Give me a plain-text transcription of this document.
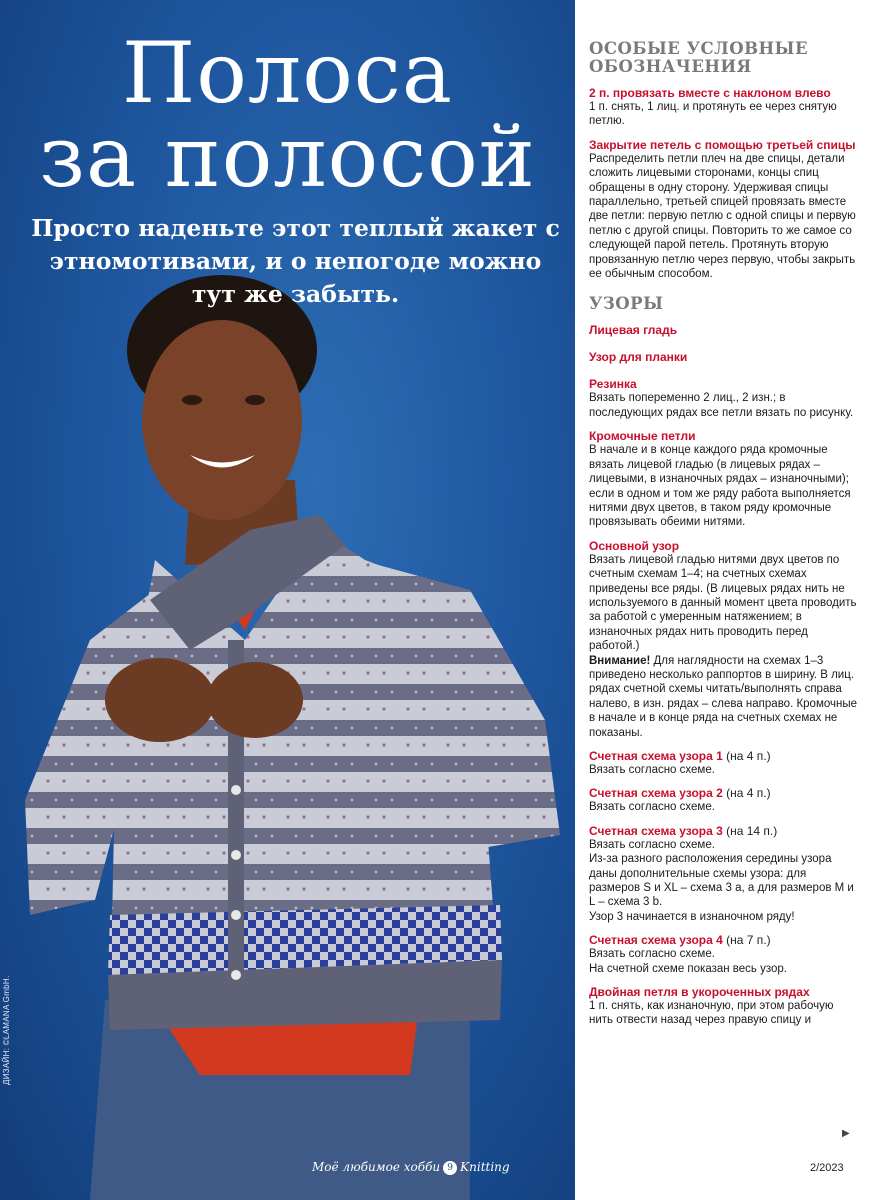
Полоса
за полосой

Просто наденьте этот теплый жакет с этномотивами, и о непогоде можно тут же забыть.

ДИЗАЙН: ©LAMANA GmbH.
Моё любимое хобби 9 Knitting
ОСОБЫЕ УСЛОВНЫЕ ОБОЗНАЧЕНИЯ
2 п. провязать вместе с наклоном влево

1 п. снять, 1 лиц. и протянуть ее через снятую петлю.

Закрытие петель с помощью третьей спицы

Распределить петли плеч на две спицы, детали сложить лицевыми сторонами, концы спиц обращены в одну сторону. Удерживая спицы параллельно, третьей спицей провязать вместе две петли: первую петлю с одной спицы и первую петлю с другой спицы. Повторить то же самое со следующей парой петель. Протянуть вторую провязанную петлю через первую, чтобы закрыть ее обычным способом.

УЗОРЫ
Лицевая гладь
Узор для планки
Резинка

Вязать попеременно 2 лиц., 2 изн.; в последующих рядах все петли вязать по рисунку.

Кромочные петли

В начале и в конце каждого ряда кромочные вязать лицевой гладью (в лицевых рядах – лицевыми, в изнаночных рядах – изнаночными); если в одном и том же ряду работа выполняется нитями двух цветов, в таком ряду кромочные провязывать обеими нитями.

Основной узор

Вязать лицевой гладью нитями двух цветов по счетным схемам 1–4; на счетных схемах приведены все ряды. (В лицевых рядах нить не используемого в данный момент цвета проводить за работой с умеренным натяжением; в изнаночных рядах нить проводить перед работой.)

Внимание! Для наглядности на схемах 1–3 приведено несколько раппортов в ширину. В лиц. рядах счетной схемы читать/выполнять справа налево, в изн. рядах – слева направо. Кромочные в начале и в конце ряда на счетных схемах не показаны.

Счетная схема узора 1 (на 4 п.)

Вязать согласно схеме.

Счетная схема узора 2 (на 4 п.)

Вязать согласно схеме.

Счетная схема узора 3 (на 14 п.)

Вязать согласно схеме.

Из-за разного расположения середины узора даны дополнительные схемы узора: для размеров S и XL – схема 3 a, а для размеров M и L – схема 3 b.

Узор 3 начинается в изнаночном ряду!

Счетная схема узора 4 (на 7 п.)

Вязать согласно схеме.

На счетной схеме показан весь узор.

Двойная петля в укороченных рядах

1 п. снять, как изнаночную, при этом рабочую нить отвести назад через правую спицу и

▶
2/2023
